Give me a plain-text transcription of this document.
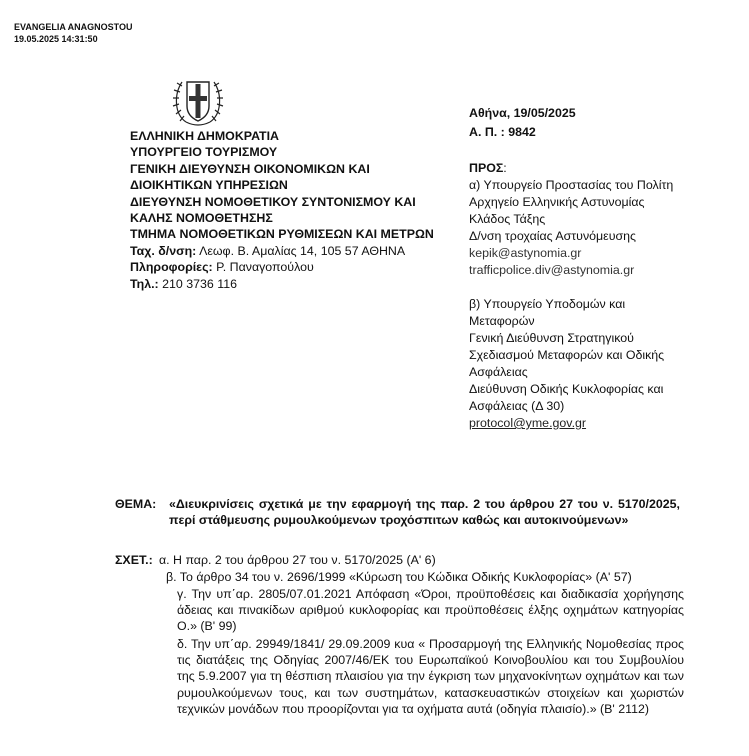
EVANGELIA ANAGNOSTOU
19.05.2025 14:31:50
ΕΛΛΗΝΙΚΗ ΔΗΜΟΚΡΑΤΙΑ
ΥΠΟΥΡΓΕΙΟ ΤΟΥΡΙΣΜΟΥ
ΓΕΝΙΚΗ ΔΙΕΥΘΥΝΣΗ ΟΙΚΟΝΟΜΙΚΩΝ ΚΑΙ
ΔΙΟΙΚΗΤΙΚΩΝ ΥΠΗΡΕΣΙΩΝ
ΔΙΕΥΘΥΝΣΗ ΝΟΜΟΘΕΤΙΚΟΥ ΣΥΝΤΟΝΙΣΜΟΥ ΚΑΙ
ΚΑΛΗΣ ΝΟΜΟΘΕΤΗΣΗΣ
ΤΜΗΜΑ ΝΟΜΟΘΕΤΙΚΩΝ ΡΥΘΜΙΣΕΩΝ ΚΑΙ ΜΕΤΡΩΝ
Ταχ. δ/νση: Λεωφ. Β. Αμαλίας 14, 105 57 ΑΘΗΝΑ
Πληροφορίες: Ρ. Παναγοπούλου
Τηλ.: 210 3736 116
Αθήνα, 19/05/2025
Α. Π. : 9842
ΠΡΟΣ:
α) Υπουργείο Προστασίας του Πολίτη
Αρχηγείο Ελληνικής Αστυνομίας
Κλάδος Τάξης
Δ/νση τροχαίας Αστυνόμευσης
kepik@astynomia.gr
trafficpolice.div@astynomia.gr
β) Υπουργείο Υποδομών και
Μεταφορών
Γενική Διεύθυνση Στρατηγικού
Σχεδιασμού Μεταφορών και Οδικής
Ασφάλειας
Διεύθυνση Οδικής Κυκλοφορίας και
Ασφάλειας (Δ 30)
protocol@yme.gov.gr
ΘΕΜΑ:	«Διευκρινίσεις σχετικά με την εφαρμογή της παρ. 2 του άρθρου 27 του ν. 5170/2025, περί στάθμευσης ρυμουλκούμενων τροχόσπιτων καθώς και αυτοκινούμενων»
ΣΧΕΤ.: α. Η παρ. 2 του άρθρου 27 του ν. 5170/2025 (Α' 6)
β. Το άρθρο 34 του ν. 2696/1999 «Κύρωση του Κώδικα Οδικής Κυκλοφορίας» (Α' 57)
γ. Την υπ΄αρ. 2805/07.01.2021 Απόφαση «Όροι, προϋποθέσεις και διαδικασία χορήγησης άδειας και πινακίδων αριθμού κυκλοφορίας και προϋποθέσεις έλξης οχημάτων κατηγορίας Ο.» (Β' 99)
δ. Την υπ΄αρ. 29949/1841/ 29.09.2009 κυα « Προσαρμογή της Ελληνικής Νομοθεσίας προς τις διατάξεις της Οδηγίας 2007/46/ΕΚ του Ευρωπαϊκού Κοινοβουλίου και του Συμβουλίου της 5.9.2007 για τη θέσπιση πλαισίου για την έγκριση των μηχανοκίνητων οχημάτων και των ρυμουλκούμενων τους, και των συστημάτων, κατασκευαστικών στοιχείων και χωριστών τεχνικών μονάδων που προορίζονται για τα οχήματα αυτά (οδηγία πλαισίο).» (Β' 2112)
